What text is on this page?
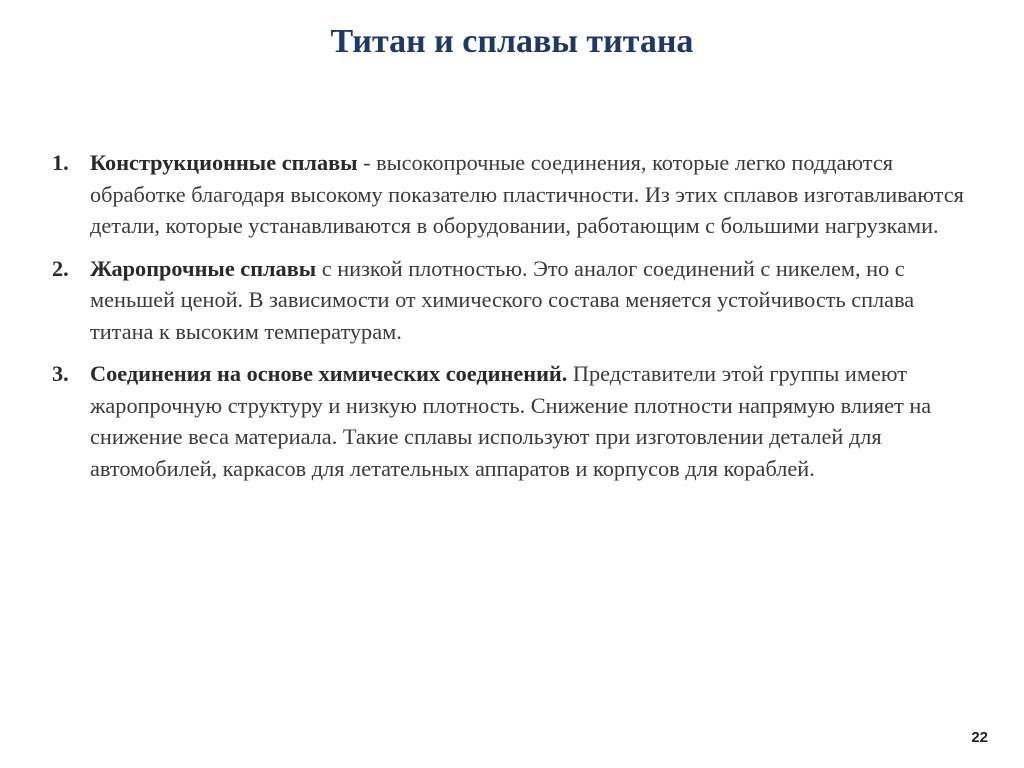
Титан и сплавы титана
1. Конструкционные сплавы - высокопрочные соединения, которые легко поддаются обработке благодаря высокому показателю пластичности. Из этих сплавов изготавливаются детали, которые устанавливаются в оборудовании, работающим с большими нагрузками.
2. Жаропрочные сплавы с низкой плотностью. Это аналог соединений с никелем, но с меньшей ценой. В зависимости от химического состава меняется устойчивость сплава титана к высоким температурам.
3. Соединения на основе химических соединений. Представители этой группы имеют жаропрочную структуру и низкую плотность. Снижение плотности напрямую влияет на снижение веса материала. Такие сплавы используют при изготовлении деталей для автомобилей, каркасов для летательных аппаратов и корпусов для кораблей.
22
